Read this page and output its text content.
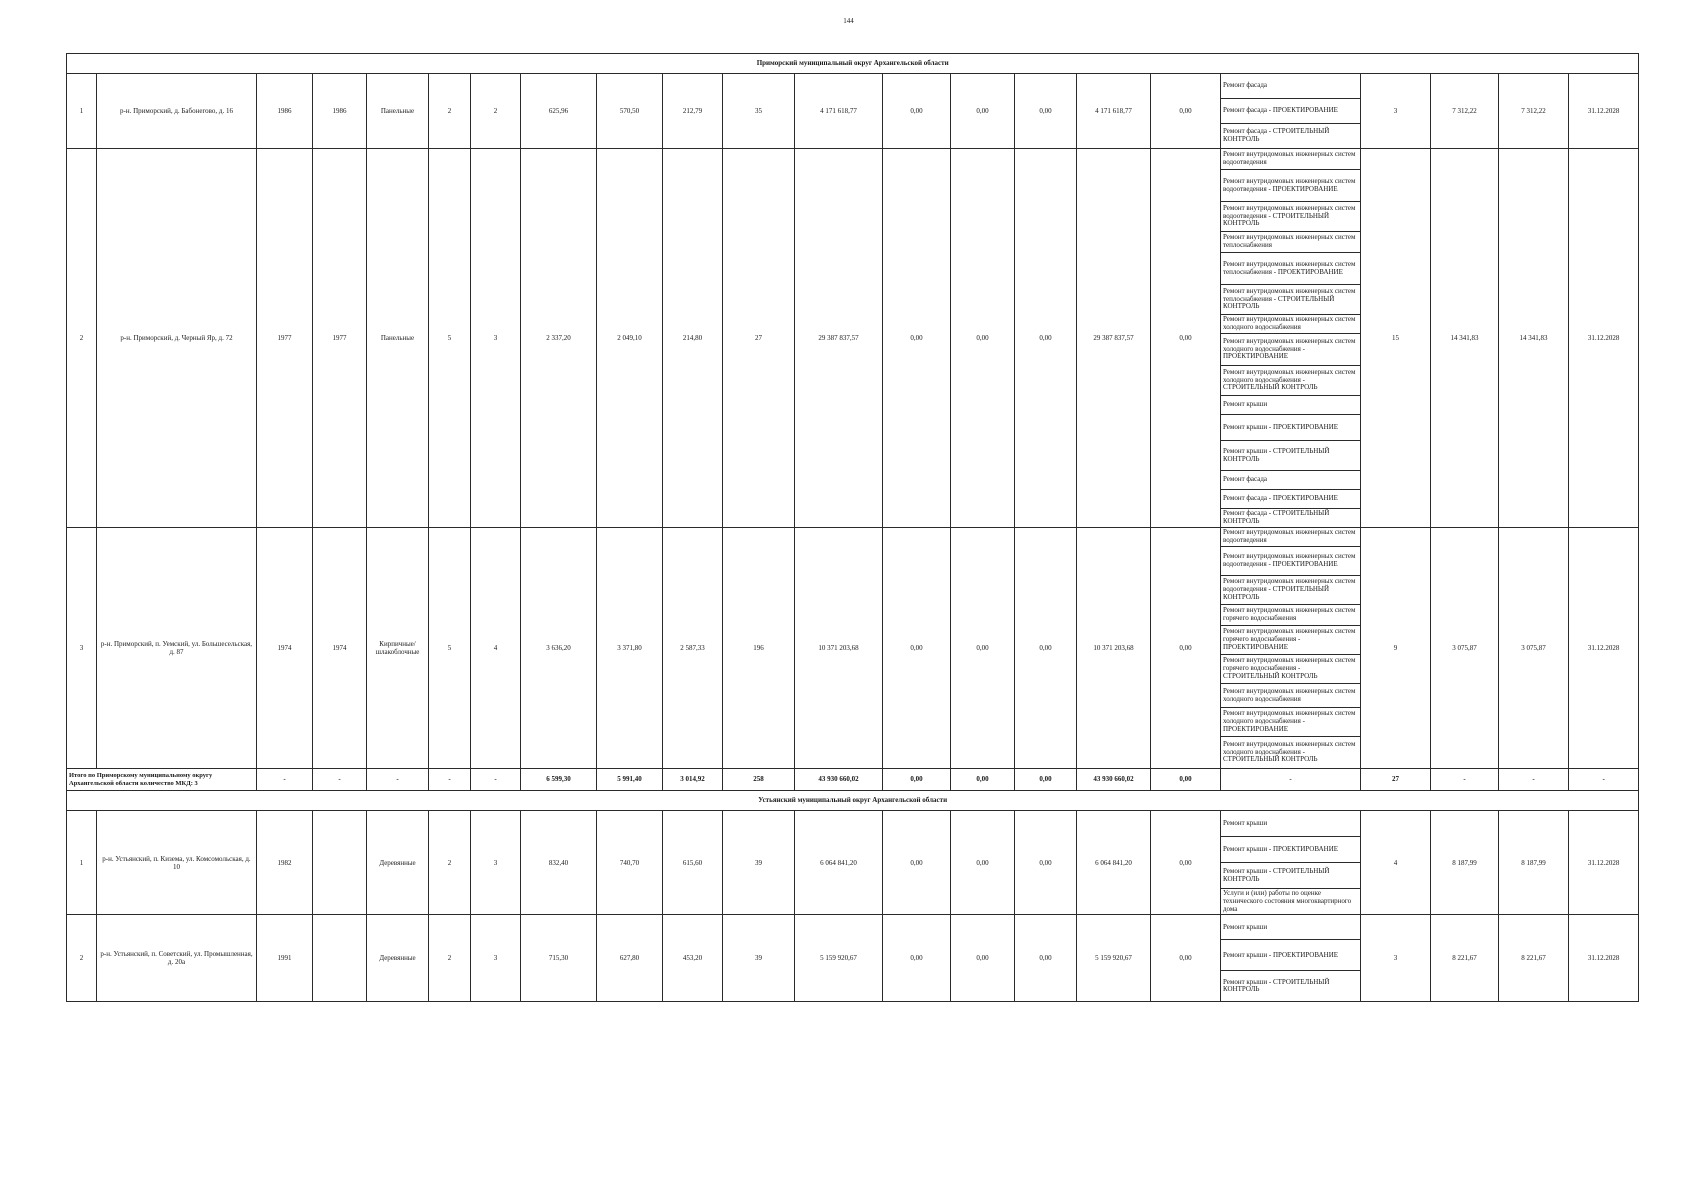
144
Приморский муниципальный округ Архангельской области																					
1	р-н. Приморский, д. Бабонегово, д. 16	1986	1986	Панельные	2	2	625,96	570,50	212,79	35	4 171 618,77	0,00	0,00	0,00	4 171 618,77	0,00	Ремонт фасада	3	7 312,22	7 312,22	31.12.2028
																	Ремонт фасада - ПРОЕКТИРОВАНИЕ				
																	Ремонт фасада - СТРОИТЕЛЬНЫЙ КОНТРОЛЬ				
2	р-н. Приморский, д. Черный Яр, д. 72	1977	1977	Панельные	5	3	2 337,20	2 049,10	214,80	27	29 387 837,57	0,00	0,00	0,00	29 387 837,57	0,00	Ремонт внутридомовых инженерных систем водоотведения	15	14 341,83	14 341,83	31.12.2028
																	Ремонт внутридомовых инженерных систем водоотведения - ПРОЕКТИРОВАНИЕ				
																	Ремонт внутридомовых инженерных систем водоотведения - СТРОИТЕЛЬНЫЙ КОНТРОЛЬ				
																	Ремонт внутридомовых инженерных систем теплоснабжения				
																	Ремонт внутридомовых инженерных систем теплоснабжения - ПРОЕКТИРОВАНИЕ				
																	Ремонт внутридомовых инженерных систем теплоснабжения - СТРОИТЕЛЬНЫЙ КОНТРОЛЬ				
																	Ремонт внутридомовых инженерных систем холодного водоснабжения				
																	Ремонт внутридомовых инженерных систем холодного водоснабжения - ПРОЕКТИРОВАНИЕ				
																	Ремонт внутридомовых инженерных систем холодного водоснабжения - СТРОИТЕЛЬНЫЙ КОНТРОЛЬ				
																	Ремонт крыши				
																	Ремонт крыши - ПРОЕКТИРОВАНИЕ				
																	Ремонт крыши - СТРОИТЕЛЬНЫЙ КОНТРОЛЬ				
																	Ремонт фасада				
																	Ремонт фасада - ПРОЕКТИРОВАНИЕ				
																	Ремонт фасада - СТРОИТЕЛЬНЫЙ КОНТРОЛЬ				
3	р-н. Приморский, п. Уемский, ул. Большесельская, д. 87	1974	1974	Кирпичные/шлакоблочные	5	4	3 636,20	3 371,80	2 587,33	196	10 371 203,68	0,00	0,00	0,00	10 371 203,68	0,00	Ремонт внутридомовых инженерных систем водоотведения	9	3 075,87	3 075,87	31.12.2028
																	Ремонт внутридомовых инженерных систем водоотведения - ПРОЕКТИРОВАНИЕ				
																	Ремонт внутридомовых инженерных систем водоотведения - СТРОИТЕЛЬНЫЙ КОНТРОЛЬ				
																	Ремонт внутридомовых инженерных систем горячего водоснабжения				
																	Ремонт внутридомовых инженерных систем горячего водоснабжения - ПРОЕКТИРОВАНИЕ				
																	Ремонт внутридомовых инженерных систем горячего водоснабжения - СТРОИТЕЛЬНЫЙ КОНТРОЛЬ				
																	Ремонт внутридомовых инженерных систем холодного водоснабжения				
																	Ремонт внутридомовых инженерных систем холодного водоснабжения - ПРОЕКТИРОВАНИЕ				
																	Ремонт внутридомовых инженерных систем холодного водоснабжения - СТРОИТЕЛЬНЫЙ КОНТРОЛЬ				
Итого по Приморскому муниципальному округу Архангельской области количество МКД: 3		-	-	-	-	-	6 599,30	5 991,40	3 014,92	258	43 930 660,02	0,00	0,00	0,00	43 930 660,02	0,00	-	27	-	-	-
Устьянский муниципальный округ Архангельской области																					
1	р-н. Устьянский, п. Кизема, ул. Комсомольская, д. 10	1982		Деревянные	2	3	832,40	740,70	615,60	39	6 064 841,20	0,00	0,00	0,00	6 064 841,20	0,00	Ремонт крыши	4	8 187,99	8 187,99	31.12.2028
																	Ремонт крыши - ПРОЕКТИРОВАНИЕ				
																	Ремонт крыши - СТРОИТЕЛЬНЫЙ КОНТРОЛЬ				
																	Услуги и (или) работы по оценке технического состояния многоквартирного дома				
2	р-н. Устьянский, п. Советский, ул. Промышленная, д. 20а	1991		Деревянные	2	3	715,30	627,80	453,20	39	5 159 920,67	0,00	0,00	0,00	5 159 920,67	0,00	Ремонт крыши	3	8 221,67	8 221,67	31.12.2028
																	Ремонт крыши - ПРОЕКТИРОВАНИЕ				
																	Ремонт крыши - СТРОИТЕЛЬНЫЙ КОНТРОЛЬ				
